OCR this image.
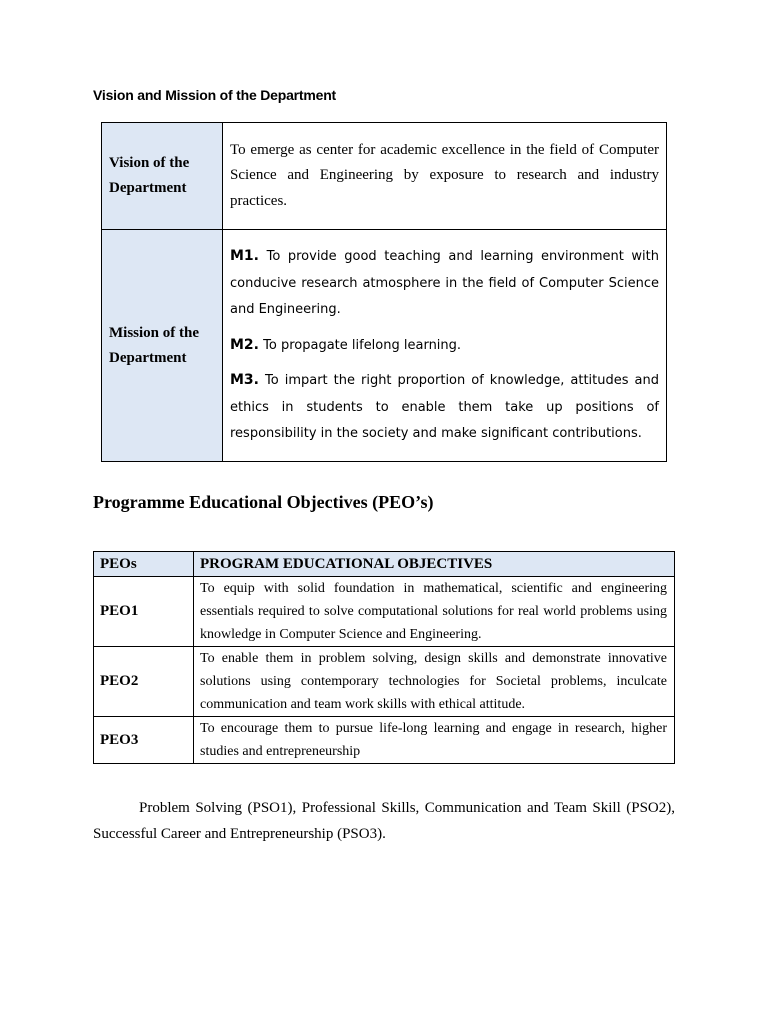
Vision and Mission of the Department
Vision of the Department	To emerge as center for academic excellence in the field of Computer Science and Engineering by exposure to research and industry practices.
Mission of the Department	M1. To provide good teaching and learning environment with conducive research atmosphere in the field of Computer Science and Engineering.

M2. To propagate lifelong learning.

M3. To impart the right proportion of knowledge, attitudes and ethics in students to enable them take up positions of responsibility in the society and make significant contributions.

Programme Educational Objectives (PEO’s)
PEOs	PROGRAM EDUCATIONAL OBJECTIVES
PEO1	To equip with solid foundation in mathematical, scientific and engineering essentials required to solve computational solutions for real world problems using knowledge in Computer Science and Engineering.
PEO2	To enable them in problem solving, design skills and demonstrate innovative solutions using contemporary technologies for Societal problems, inculcate communication and team work skills with ethical attitude.
PEO3	To encourage them to pursue life-long learning and engage in research, higher studies and entrepreneurship

Problem Solving (PSO1), Professional Skills, Communication and Team Skill (PSO2), Successful Career and Entrepreneurship (PSO3).
